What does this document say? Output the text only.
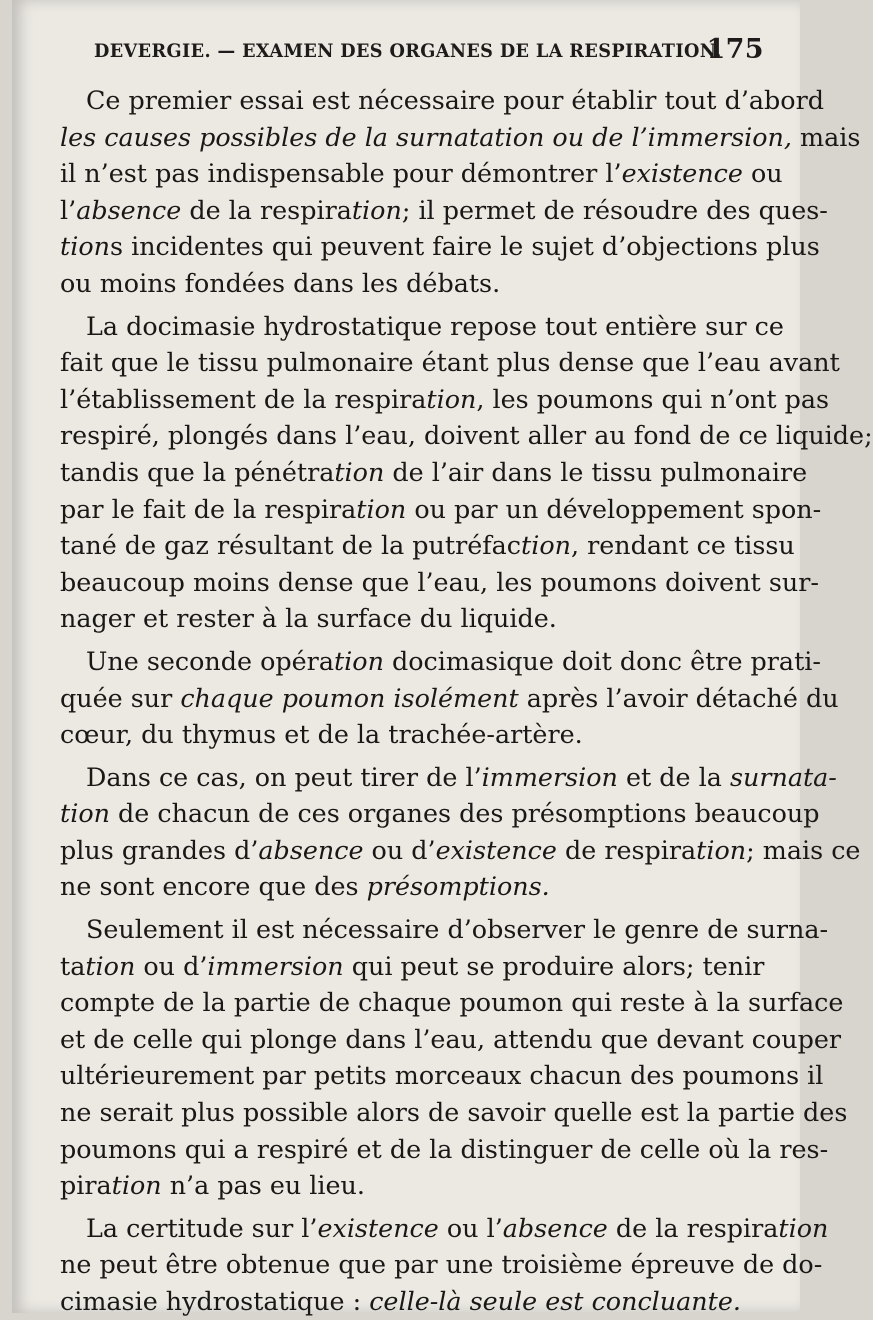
DEVERGIE. — EXAMEN DES ORGANES DE LA RESPIRATION.
175
Ce premier essai est nécessaire pour établir tout d’abord
les causes possibles de la surnatation ou de l’immersion, mais
il n’est pas indispensable pour démontrer l’existence ou
l’absence de la respiration; il permet de résoudre des ques-
tions incidentes qui peuvent faire le sujet d’objections plus
ou moins fondées dans les débats.
La docimasie hydrostatique repose tout entière sur ce
fait que le tissu pulmonaire étant plus dense que l’eau avant
l’établissement de la respiration, les poumons qui n’ont pas
respiré, plongés dans l’eau, doivent aller au fond de ce liquide;
tandis que la pénétration de l’air dans le tissu pulmonaire
par le fait de la respiration ou par un développement spon-
tané de gaz résultant de la putréfaction, rendant ce tissu
beaucoup moins dense que l’eau, les poumons doivent sur-
nager et rester à la surface du liquide.
Une seconde opération docimasique doit donc être prati-
quée sur chaque poumon isolément après l’avoir détaché du
cœur, du thymus et de la trachée-artère.
Dans ce cas, on peut tirer de l’immersion et de la surnata-
tion de chacun de ces organes des présomptions beaucoup
plus grandes d’absence ou d’existence de respiration; mais ce
ne sont encore que des présomptions.
Seulement il est nécessaire d’observer le genre de surna-
tation ou d’immersion qui peut se produire alors; tenir
compte de la partie de chaque poumon qui reste à la surface
et de celle qui plonge dans l’eau, attendu que devant couper
ultérieurement par petits morceaux chacun des poumons il
ne serait plus possible alors de savoir quelle est la partie des
poumons qui a respiré et de la distinguer de celle où la res-
piration n’a pas eu lieu.
La certitude sur l’existence ou l’absence de la respiration
ne peut être obtenue que par une troisième épreuve de do-
cimasie hydrostatique : celle-là seule est concluante.
